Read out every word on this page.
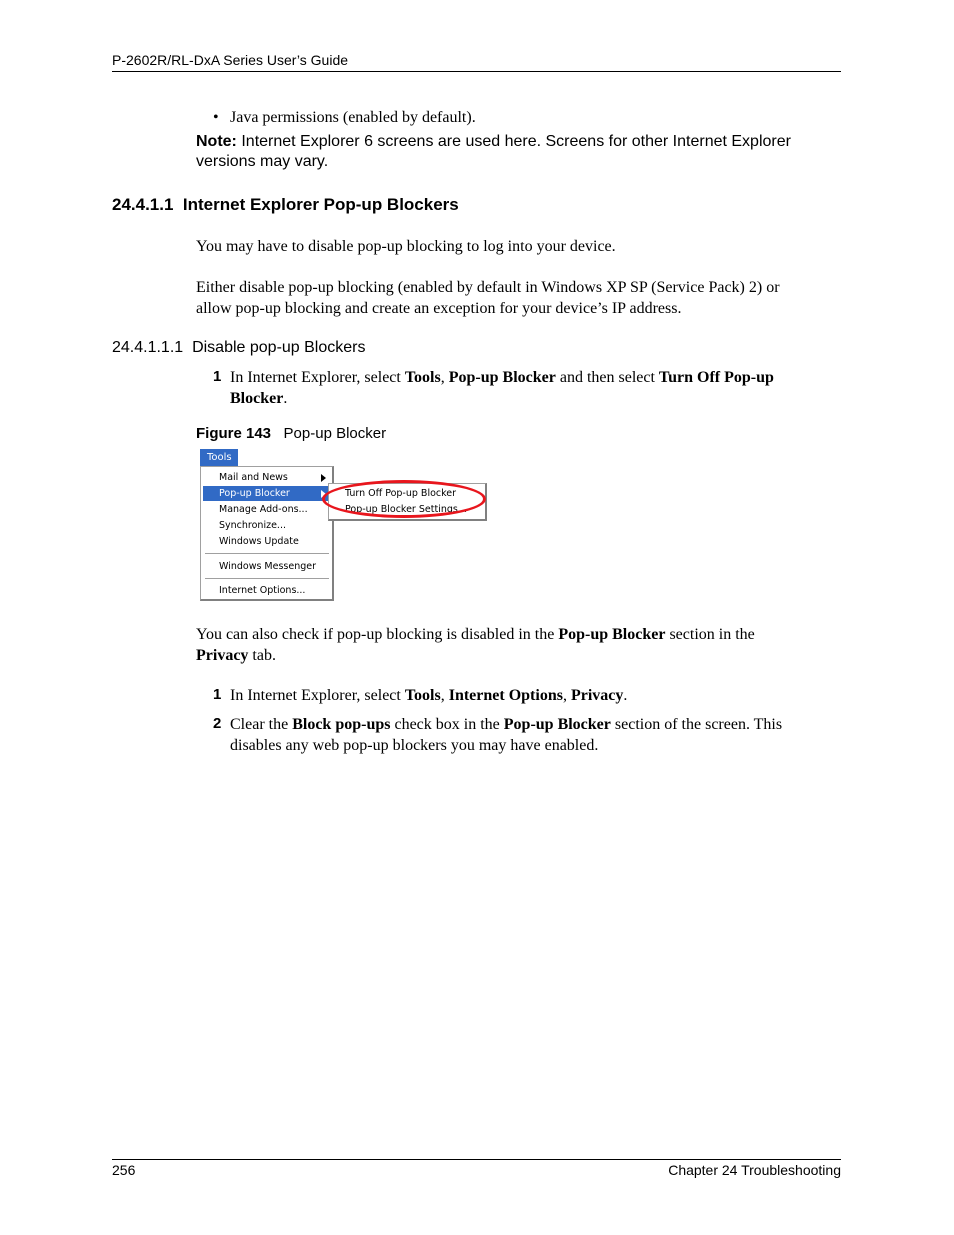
P-2602R/RL-DxA Series User’s Guide
• Java permissions (enabled by default).
Note: Internet Explorer 6 screens are used here. Screens for other Internet Explorer
versions may vary.
24.4.1.1 Internet Explorer Pop-up Blockers
You may have to disable pop-up blocking to log into your device.
Either disable pop-up blocking (enabled by default in Windows XP SP (Service Pack) 2) or
allow pop-up blocking and create an exception for your device’s IP address.
24.4.1.1.1 Disable pop-up Blockers
1 In Internet Explorer, select Tools, Pop-up Blocker and then select Turn Off Pop-up
Blocker.
Figure 143 Pop-up Blocker
Tools
Mail and News
Pop-up Blocker
Manage Add-ons...
Synchronize...
Windows Update
Windows Messenger
Internet Options...
Turn Off Pop-up Blocker
Pop-up Blocker Settings...
You can also check if pop-up blocking is disabled in the Pop-up Blocker section in the
Privacy tab.
1 In Internet Explorer, select Tools, Internet Options, Privacy.
2 Clear the Block pop-ups check box in the Pop-up Blocker section of the screen. This
disables any web pop-up blockers you may have enabled.
256	Chapter 24 Troubleshooting
